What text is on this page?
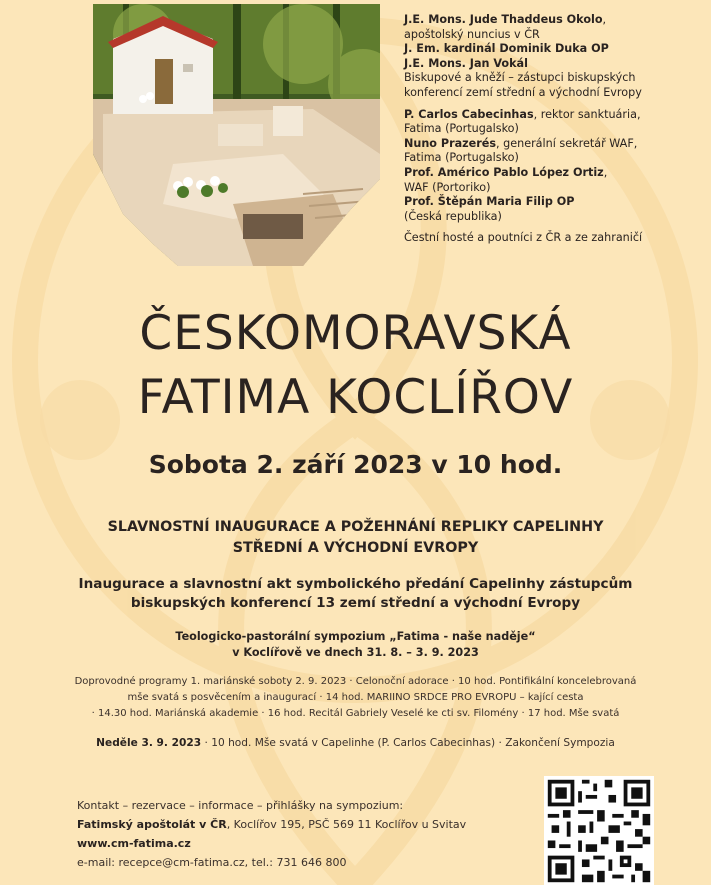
J.E. Mons. Jude Thaddeus Okolo,
apoštolský nuncius v ČR
J. Em. kardinál Dominik Duka OP
J.E. Mons. Jan Vokál
Biskupové a kněží – zástupci biskupských
konferencí zemí střední a východní Evropy
P. Carlos Cabecinhas, rektor sanktuária,
Fatima (Portugalsko)
Nuno Prazerés, generální sekretář WAF,
Fatima (Portugalsko)
Prof. Américo Pablo López Ortiz,
WAF (Portoriko)
Prof. Štěpán Maria Filip OP
(Česká republika)
Čestní hosté a poutníci z ČR a ze zahraničí
ČESKOMORAVSKÁ
FATIMA KOCLÍŘOV
Sobota 2. září 2023 v 10 hod.
SLAVNOSTNÍ INAUGURACE A POŽEHNÁNÍ REPLIKY CAPELINHY
STŘEDNÍ A VÝCHODNÍ EVROPY
Inaugurace a slavnostní akt symbolického předání Capelinhy zástupcům
biskupských konferencí 13 zemí střední a východní Evropy
Teologicko-pastorální sympozium „Fatima - naše naděje“
v Koclířově ve dnech 31. 8. – 3. 9. 2023
Doprovodné programy 1. mariánské soboty 2. 9. 2023 · Celonoční adorace · 10 hod. Pontifikální koncelebrovaná
mše svatá s posvěcením a inaugurací · 14 hod. MARIINO SRDCE PRO EVROPU – kající cesta
· 14.30 hod. Mariánská akademie · 16 hod. Recitál Gabriely Veselé ke cti sv. Filomény · 17 hod. Mše svatá
Neděle 3. 9. 2023 · 10 hod. Mše svatá v Capelinhe (P. Carlos Cabecinhas) · Zakončení Sympozia
Kontakt – rezervace – informace – přihlášky na sympozium:
Fatimský apoštolát v ČR, Koclířov 195, PSČ 569 11 Koclířov u Svitav
www.cm-fatima.cz
e-mail: recepce@cm-fatima.cz, tel.: 731 646 800
